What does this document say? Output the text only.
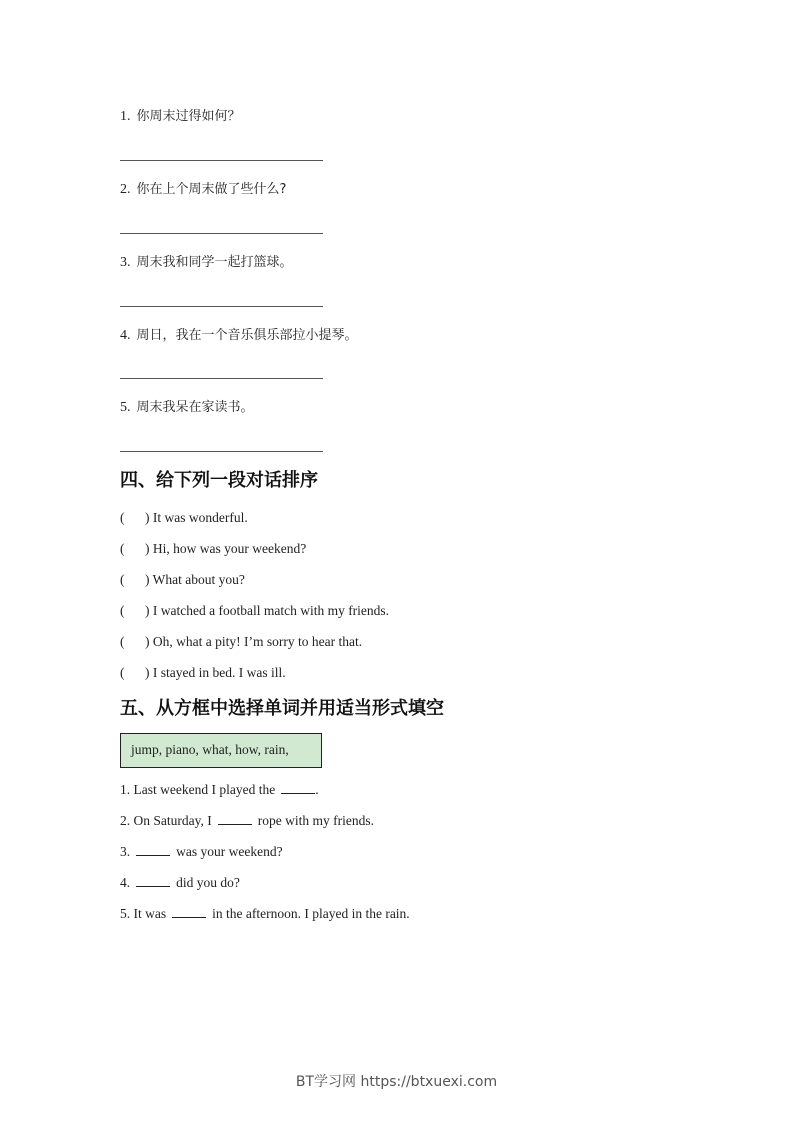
1. 你周末过得如何？
2. 你在上个周末做了些什么?
3. 周末我和同学一起打篮球。
4. 周日，我在一个音乐俱乐部拉小提琴。
5. 周末我呆在家读书。
四、给下列一段对话排序
( ) It was wonderful.
( ) Hi, how was your weekend?
( ) What about you?
( ) I watched a football match with my friends.
( ) Oh, what a pity! I’m sorry to hear that.
( ) I stayed in bed. I was ill.
五、从方框中选择单词并用适当形式填空
jump, piano, what, how, rain,
1. Last weekend I played the	.
2. On Saturday, I	rope with my friends.
3.	was your weekend?
4.	did you do?
5. It was	in the afternoon. I played in the rain.
BT学习网 https://btxuexi.com
